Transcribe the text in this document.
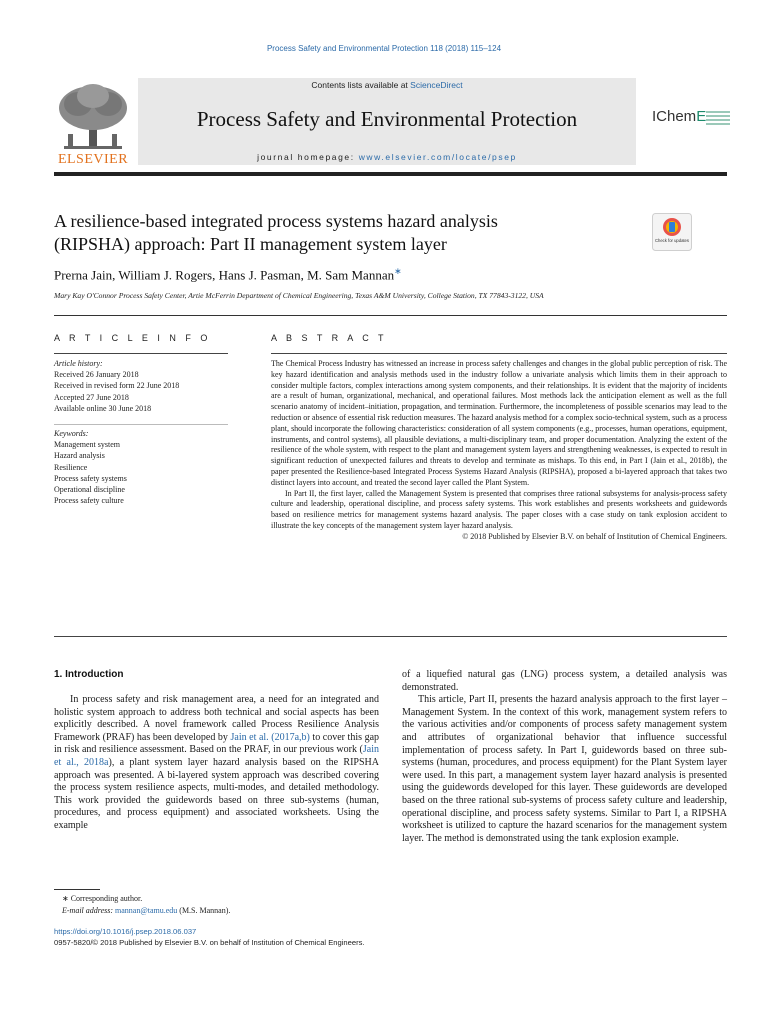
Process Safety and Environmental Protection 118 (2018) 115–124
ELSEVIER
Contents lists available at ScienceDirect
Process Safety and Environmental Protection
journal homepage: www.elsevier.com/locate/psep
IChemE
A resilience-based integrated process systems hazard analysis
(RIPSHA) approach: Part II management system layer	Check for updates
Prerna Jain, William J. Rogers, Hans J. Pasman, M. Sam Mannan∗
Mary Kay O'Connor Process Safety Center, Artie McFerrin Department of Chemical Engineering, Texas A&M University, College Station, TX 77843-3122, USA
A R T I C L E I N F O	A B S T R A C T
Article history:
Received 26 January 2018
Received in revised form 22 June 2018
Accepted 27 June 2018
Available online 30 June 2018
Keywords:
Management system
Hazard analysis
Resilience
Process safety systems
Operational discipline
Process safety culture

The Chemical Process Industry has witnessed an increase in process safety challenges and changes in the global public perception of risk. The key hazard identification and analysis methods used in the industry follow a univariate analysis which limits them in their approach to consider multiple factors, complex interactions among system components, and their relationships. It is evident that the majority of incidents are a result of human, organizational, mechanical, and operational failures. Most methods lack the anticipation element as well as the full scenario anatomy of incident–initiation, propagation, and termination. Furthermore, the incompleteness of possible scenarios may lead to the reduction or absence of essential risk reduction measures. The hazard analysis method for a complex socio-technical system, such as a process plant, should incorporate the following characteristics: consideration of all system components (e.g., processes, human operations, equipment, instruments, and control systems), all plausible deviations, a multi-disciplinary team, and proper documentation. Analyzing the extent of the resilience of the whole system, with respect to the plant and management system layers and strengthening weaknesses, is expected to result in significant reduction of unexpected failures and threats to develop and terminate as mishaps. To this end, in Part I (Jain et al., 2018b), the paper presented the Resilience-based Integrated Process Systems Hazard Analysis (RIPSHA), proposed a bi-layered approach that takes two distinct layers into account, and treated the second layer called the Plant System.

In Part II, the first layer, called the Management System is presented that comprises three rational subsystems for analysis-process safety culture and leadership, operational discipline, and process safety systems. This work establishes and presents worksheets and guidewords based on resilience metrics for management systems hazard analysis. The paper closes with a case study on tank explosion accident to illustrate the key concepts of the management system layer hazard analysis.

© 2018 Published by Elsevier B.V. on behalf of Institution of Chemical Engineers.

1. Introduction

In process safety and risk management area, a need for an integrated and holistic system approach to address both technical and social aspects has been explicitly described. A novel framework called Process Resilience Analysis Framework (PRAF) has been developed by Jain et al. (2017a,b) to cover this gap in risk and resilience assessment. Based on the PRAF, in our previous work (Jain et al., 2018a), a plant system layer hazard analysis based on the RIPSHA approach was presented. A bi-layered system approach was described covering the process system resilience aspects, multi-modes, and detailed methodology. This work provided the guidewords based on three sub-systems (human, procedures, and process equipment) and associated worksheets. Using the example

of a liquefied natural gas (LNG) process system, a detailed analysis was demonstrated.

This article, Part II, presents the hazard analysis approach to the first layer – Management System. In the context of this work, management system refers to the various activities and/or components of process safety management system and attributes of organizational behavior that influence successful implementation of process safety. In Part I, guidewords based on three sub-systems (human, procedures, and process equipment) for the Plant System layer were used. In this part, a management system layer hazard analysis is presented using the guidewords developed for this layer. These guidewords are developed based on the three rational sub-systems of process safety culture and leadership, operational discipline, and process safety systems. Similar to Part I, a RIPSHA worksheet is utilized to capture the hazard scenarios for the management system layer. The method is demonstrated using the tank explosion example.

∗ Corresponding author.
E-mail address: mannan@tamu.edu (M.S. Mannan).
https://doi.org/10.1016/j.psep.2018.06.037
0957-5820/© 2018 Published by Elsevier B.V. on behalf of Institution of Chemical Engineers.
